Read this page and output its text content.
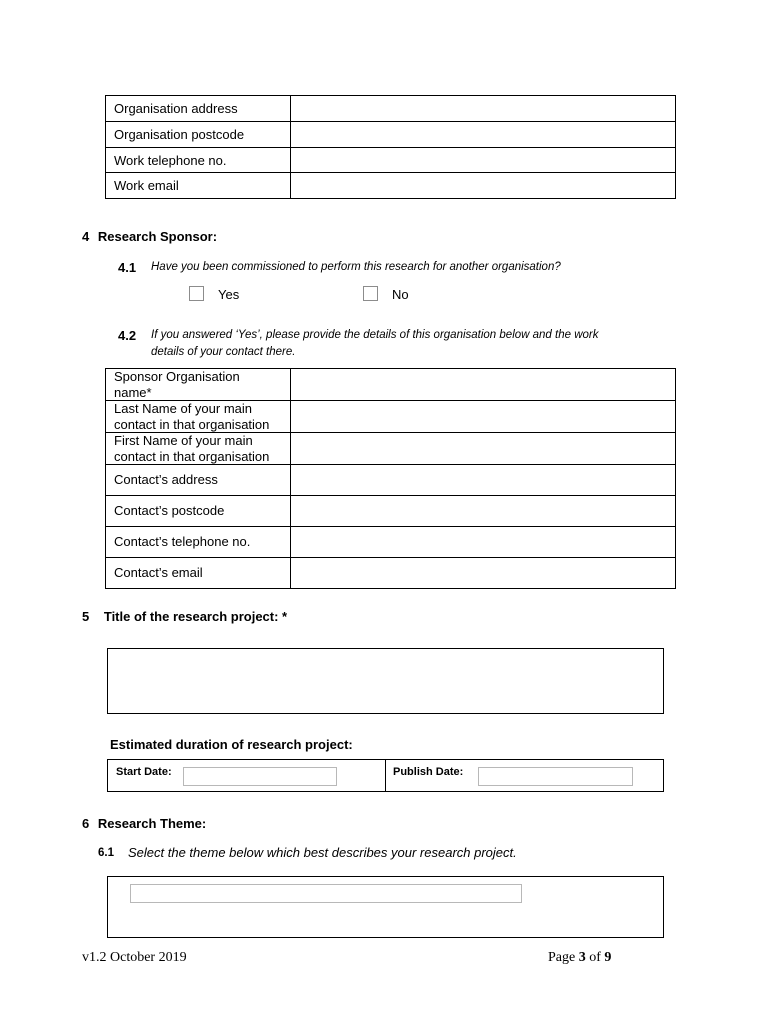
Organisation address	
Organisation postcode	
Work telephone no.	
Work email	
4 Research Sponsor:
4.1 Have you been commissioned to perform this research for another organisation?
Yes	No
4.2 If you answered ‘Yes’, please provide the details of this organisation below and the work
details of your contact there.
Sponsor Organisation
name*	

Last Name of your main
contact in that organisation	

First Name of your main
contact in that organisation	

Contact’s address	
Contact’s postcode	
Contact’s telephone no.	
Contact’s email	
5 Title of the research project: *
Estimated duration of research project:
Start Date:	Publish Date:
6 Research Theme:
6.1 Select the theme below which best describes your research project.
v1.2 October 2019	Page 3 of 9
